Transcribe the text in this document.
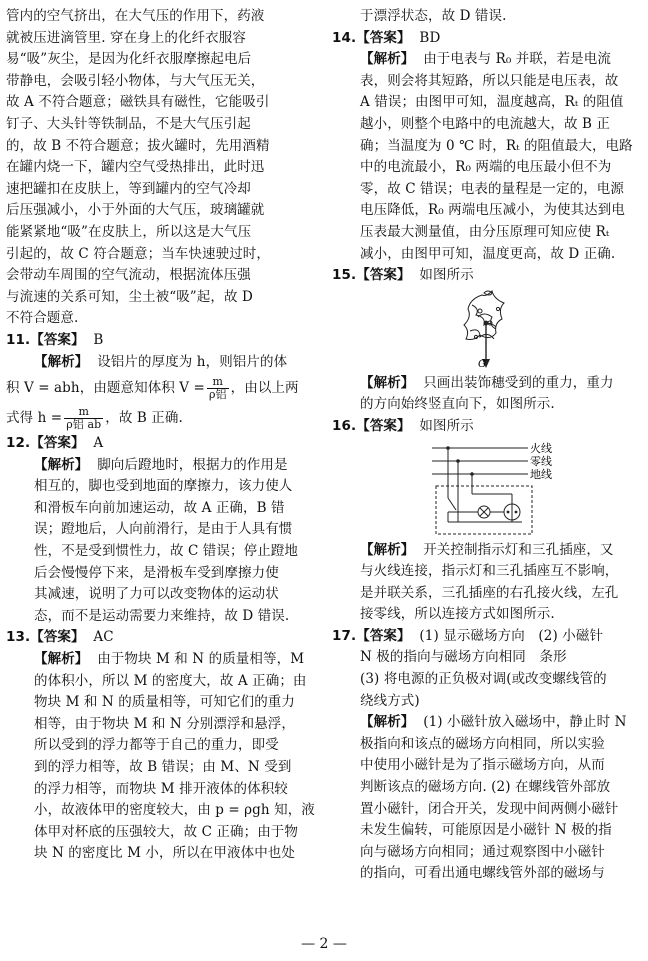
管内的空气挤出，在大气压的作用下，药液
就被压进滴管里. 穿在身上的化纤衣服容
易“吸”灰尘，是因为化纤衣服摩擦起电后
带静电，会吸引轻小物体，与大气压无关，
故 A 不符合题意；磁铁具有磁性，它能吸引
钉子、大头针等铁制品，不是大气压引起
的，故 B 不符合题意；拔火罐时，先用酒精
在罐内烧一下，罐内空气受热排出，此时迅
速把罐扣在皮肤上，等到罐内的空气冷却
后压强减小，小于外面的大气压，玻璃罐就
能紧紧地“吸”在皮肤上，所以这是大气压
引起的，故 C 符合题意；当车快速驶过时，
会带动车周围的空气流动，根据流体压强
与流速的关系可知，尘土被“吸”起，故 D
不符合题意.
11.【答案】 B
【解析】 设铝片的厚度为 h，则铝片的体
积 V = abh，由题意知体积 $V = \frac{m}{\text{ρ铝}}$ ，由以上两
式得 $h = \frac{m}{\text{ρ铝 ab}}$ ，故 B 正确.
12.【答案】 A
【解析】 脚向后蹬地时，根据力的作用是
相互的，脚也受到地面的摩擦力，该力使人
和滑板车向前加速运动，故 A 正确，B 错
误；蹬地后，人向前滑行，是由于人具有惯
性，不是受到惯性力，故 C 错误；停止蹬地
后会慢慢停下来，是滑板车受到摩擦力使
其减速，说明了力可以改变物体的运动状
态，而不是运动需要力来维持，故 D 错误.
13.【答案】 AC
【解析】 由于物块 M 和 N 的质量相等，M
的体积小，所以 M 的密度大，故 A 正确；由
物块 M 和 N 的质量相等，可知它们的重力
相等，由于物块 M 和 N 分别漂浮和悬浮，
所以受到的浮力都等于自己的重力，即受
到的浮力相等，故 B 错误；由 M、N 受到
的浮力相等，而物块 M 排开液体的体积较
小，故液体甲的密度较大，由 p = ρgh 知，液
体甲对杯底的压强较大，故 C 正确；由于物
块 N 的密度比 M 小，所以在甲液体中也处
于漂浮状态，故 D 错误.
14.【答案】 BD
【解析】 由于电表与 R₀ 并联，若是电流
表，则会将其短路，所以只能是电压表，故
A 错误；由图甲可知，温度越高，Rₜ 的阻值
越小，则整个电路中的电流越大，故 B 正
确；当温度为 0 ℃ 时，Rₜ 的阻值最大，电路
中的电流最小，R₀ 两端的电压最小但不为
零，故 C 错误；电表的量程是一定的，电源
电压降低，R₀ 两端电压减小，为使其达到电
压表最大测量值，由分压原理可知应使 Rₜ
减小，由图甲可知，温度更高，故 D 正确.
15.【答案】 如图所示
G
【解析】 只画出装饰穗受到的重力，重力
的方向始终竖直向下，如图所示.
16.【答案】 如图所示
火线
零线
地线
【解析】 开关控制指示灯和三孔插座，又
与火线连接，指示灯和三孔插座互不影响，
是并联关系，三孔插座的右孔接火线，左孔
接零线，所以连接方式如图所示.
17.【答案】 (1) 显示磁场方向　(2) 小磁针
N 极的指向与磁场方向相同　条形
(3) 将电源的正负极对调(或改变螺线管的
绕线方式)
【解析】 (1) 小磁针放入磁场中，静止时 N
极指向和该点的磁场方向相同，所以实验
中使用小磁针是为了指示磁场方向，从而
判断该点的磁场方向. (2) 在螺线管外部放
置小磁针，闭合开关，发现中间两侧小磁针
未发生偏转，可能原因是小磁针 N 极的指
向与磁场方向相同；通过观察图中小磁针
的指向，可看出通电螺线管外部的磁场与
— 2 —
